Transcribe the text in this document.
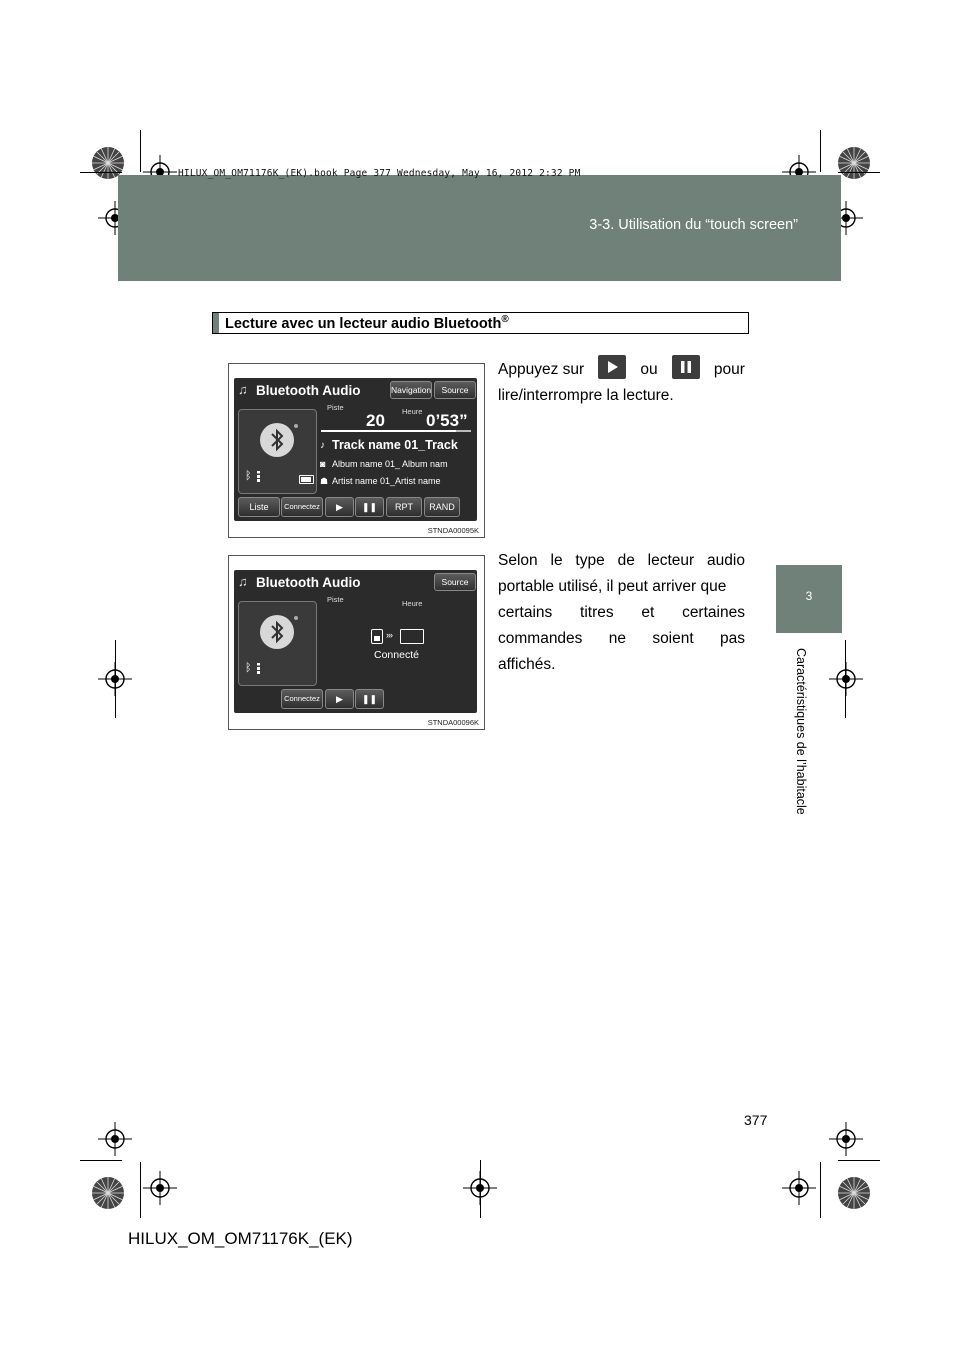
HILUX_OM_OM71176K_(EK).book Page 377 Wednesday, May 16, 2012 2:32 PM
3-3. Utilisation du “touch screen”
3
Caractéristiques de l’habitacle
Lecture avec un lecteur audio Bluetooth®
♫ Bluetooth Audio	Navigation	Source
ᛒ
Piste	Heure
20 0’53”
♪ Track name 01_Track
◙ Album name 01_ Album nam
☗ Artist name 01_Artist name
Liste	Connectez	▶	❚❚	RPT	RAND
STNDA00095K
♫ Bluetooth Audio	Source
ᛒ
Piste	Heure
›››
Connecté
Connectez	▶	❚❚
STNDA00096K
Appuyez sur	ou	pour
lire/interrompre la lecture.
Selon le type de lecteur audio
portable utilisé, il peut arriver que
certains titres et certaines
commandes ne soient pas
affichés.
377
HILUX_OM_OM71176K_(EK)
